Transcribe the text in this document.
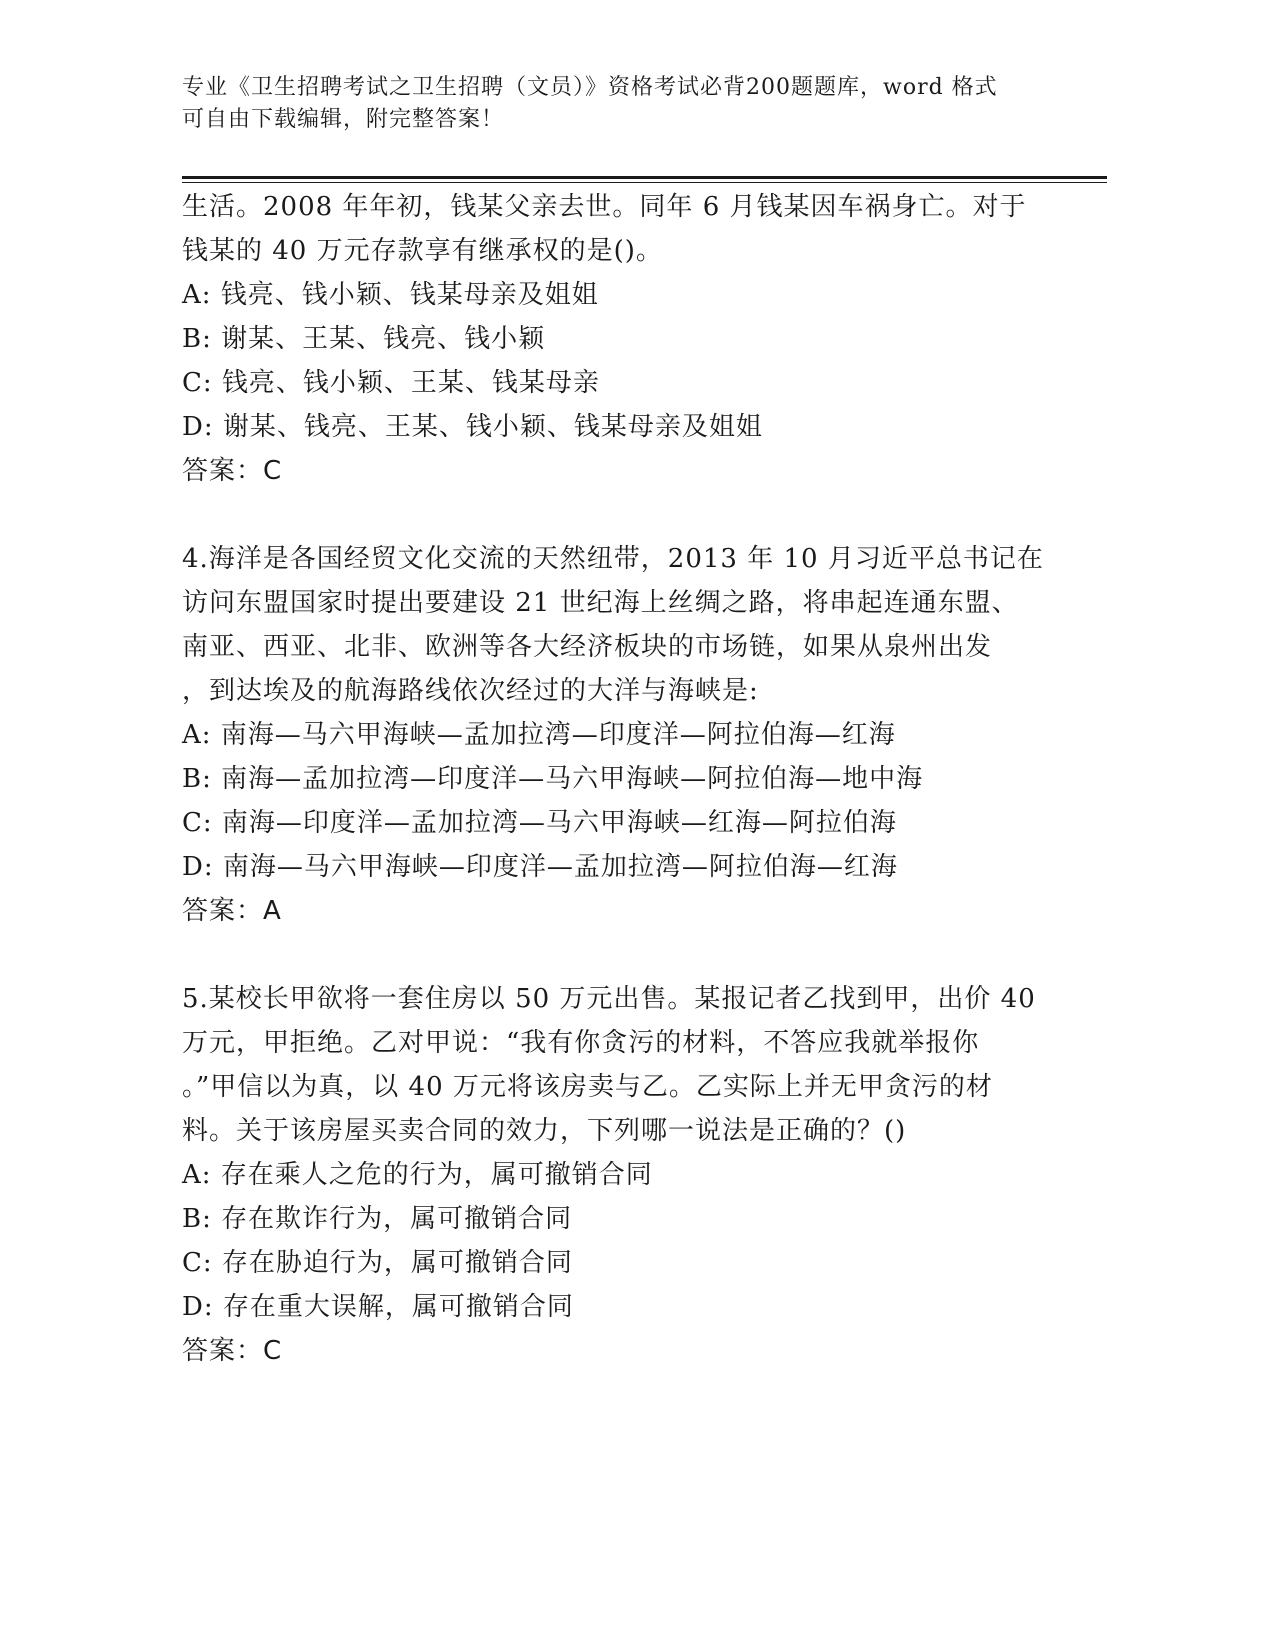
专业《卫生招聘考试之卫生招聘（文员）》资格考试必背200题题库，word 格式
可自由下载编辑，附完整答案！
生活。2008 年年初，钱某父亲去世。同年 6 月钱某因车祸身亡。对于
钱某的 40 万元存款享有继承权的是()。
A: 钱亮、钱小颖、钱某母亲及姐姐
B: 谢某、王某、钱亮、钱小颖
C: 钱亮、钱小颖、王某、钱某母亲
D: 谢某、钱亮、王某、钱小颖、钱某母亲及姐姐
答案：C
4.海洋是各国经贸文化交流的天然纽带，2013 年 10 月习近平总书记在
访问东盟国家时提出要建设 21 世纪海上丝绸之路，将串起连通东盟、
南亚、西亚、北非、欧洲等各大经济板块的市场链，如果从泉州出发
，到达埃及的航海路线依次经过的大洋与海峡是:
A: 南海—马六甲海峡—孟加拉湾—印度洋—阿拉伯海—红海
B: 南海—孟加拉湾—印度洋—马六甲海峡—阿拉伯海—地中海
C: 南海—印度洋—孟加拉湾—马六甲海峡—红海—阿拉伯海
D: 南海—马六甲海峡—印度洋—孟加拉湾—阿拉伯海—红海
答案：A
5.某校长甲欲将一套住房以 50 万元出售。某报记者乙找到甲，出价 40
万元，甲拒绝。乙对甲说：“我有你贪污的材料，不答应我就举报你
。”甲信以为真，以 40 万元将该房卖与乙。乙实际上并无甲贪污的材
料。关于该房屋买卖合同的效力，下列哪一说法是正确的？()
A: 存在乘人之危的行为，属可撤销合同
B: 存在欺诈行为，属可撤销合同
C: 存在胁迫行为，属可撤销合同
D: 存在重大误解，属可撤销合同
答案：C
